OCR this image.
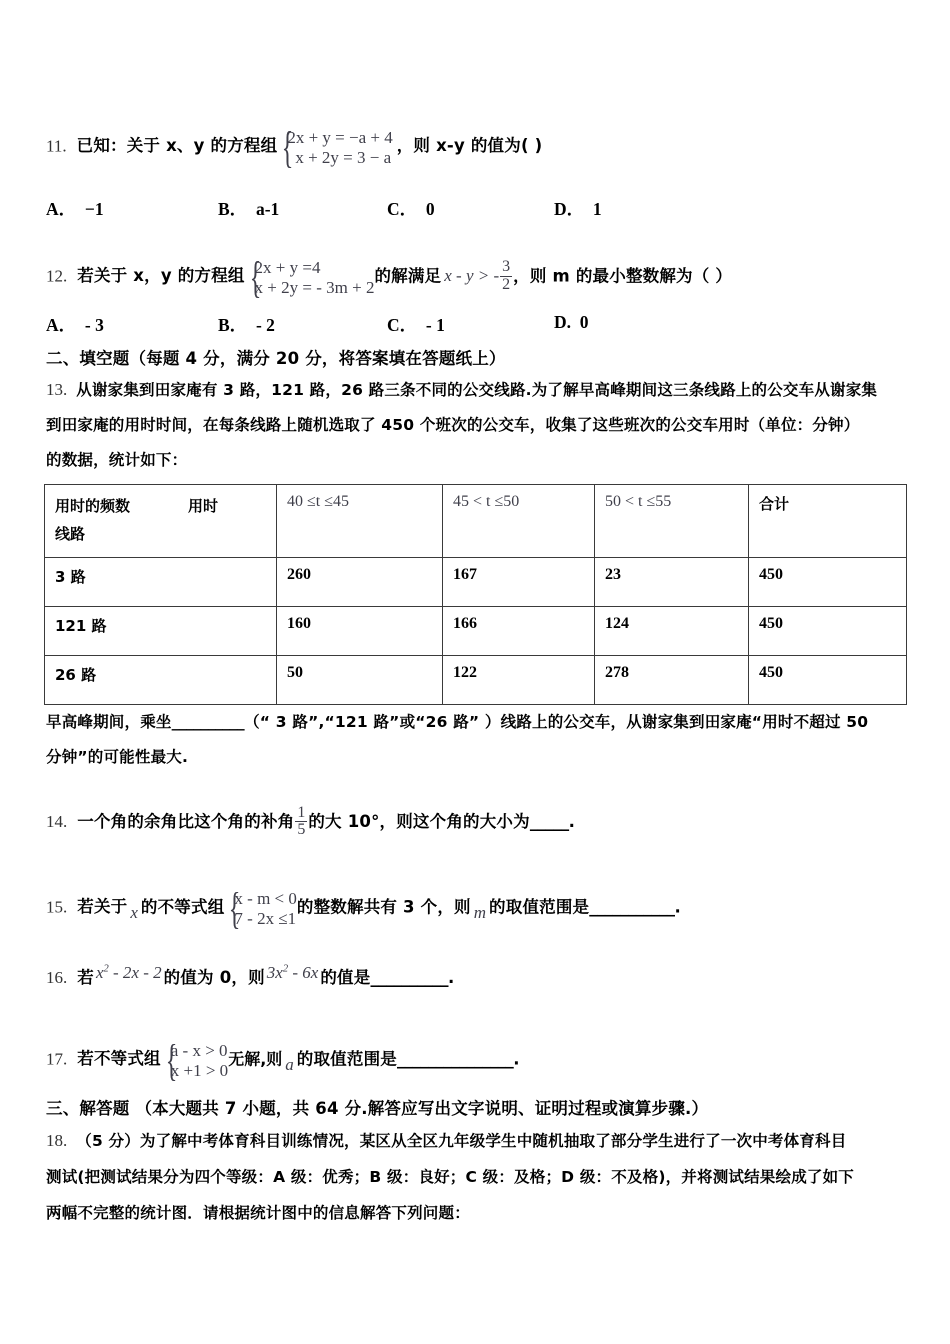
11. 已知：关于 x、y 的方程组 {
2x + y = −a + 4
x + 2y = 3 − a
，则 x-y 的值为( )
A． −1	B． a-1	C． 0	D． 1
12. 若关于 x，y 的方程组 {
2x + y =4
x + 2y = - 3m + 2
的解满足 x - y > - $\frac{3}{2}$ ，则 m 的最小整数解为（ ）
A． - 3	B． - 2	C． - 1	D. 0
二、填空题（每题 4 分，满分 20 分，将答案填在答题纸上）
13. 从谢家集到田家庵有 3 路，121 路，26 路三条不同的公交线路.为了解早高峰期间这三条线路上的公交车从谢家集
到田家庵的用时时间，在每条线路上随机选取了 450 个班次的公交车，收集了这些班次的公交车用时（单位：分钟）
的数据，统计如下：
用时的频数 用时
线路	40 ≤t ≤45	45 < t ≤50	50 < t ≤55	合计
3 路	260	167	23	450
121 路	160	166	124	450
26 路	50	122	278	450
早高峰期间，乘坐__________（“ 3 路”,“121 路”或“26 路” ）线路上的公交车，从谢家集到田家庵“用时不超过 50
分钟”的可能性最大.
14. 一个角的余角比这个角的补角 $\frac{1}{5}$ 的大 10°，则这个角的大小为_____.
15. 若关于 x 的不等式组 {
x - m < 0
7 - 2x ≤1
的整数解共有 3 个，则 m 的取值范围是___________.
16. 若 $x^2 - 2x - 2$ 的值为 0，则 $3x^2 - 6x$ 的值是__________.
17. 若不等式组 {
a - x > 0
x +1 > 0
无解,则 a 的取值范围是_______________.
三、解答题 （本大题共 7 小题，共 64 分.解答应写出文字说明、证明过程或演算步骤.）
18. （5 分）为了解中考体育科目训练情况，某区从全区九年级学生中随机抽取了部分学生进行了一次中考体育科目
测试(把测试结果分为四个等级：A 级：优秀；B 级：良好；C 级：及格；D 级：不及格)，并将测试结果绘成了如下
两幅不完整的统计图．请根据统计图中的信息解答下列问题：
